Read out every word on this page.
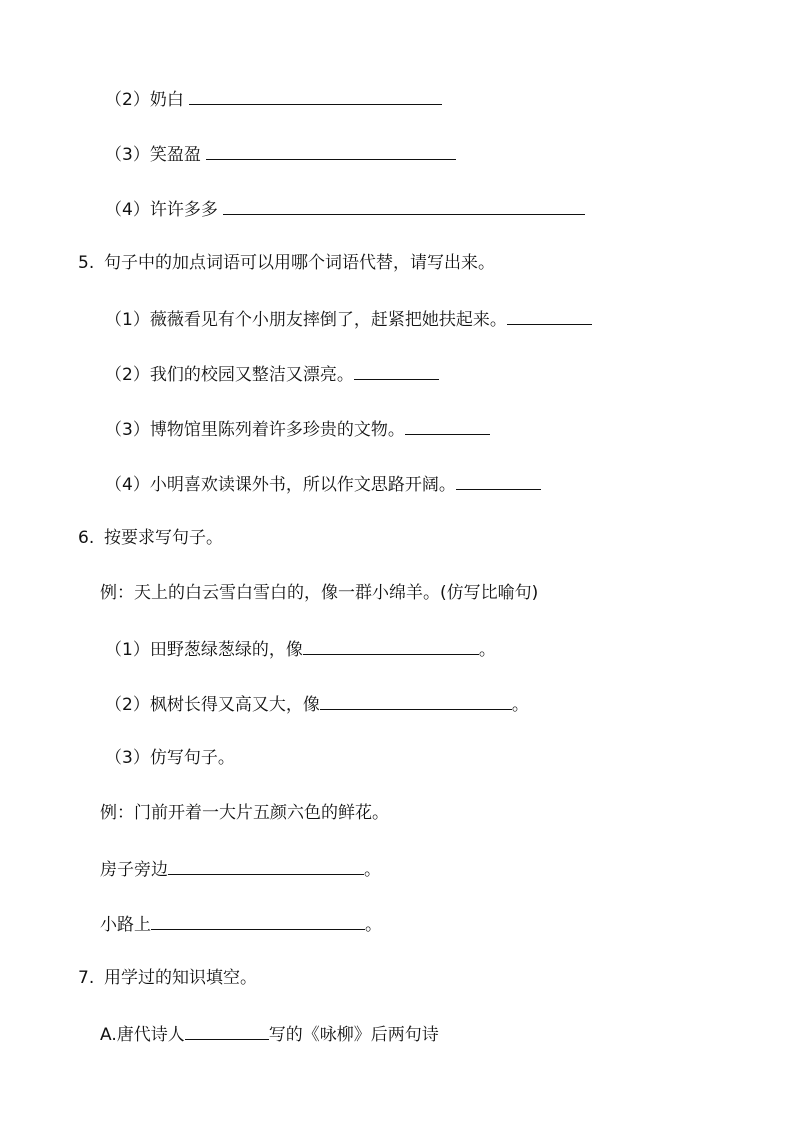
（2）奶白
（3）笑盈盈
（4）许许多多
5. 句子中的加点词语可以用哪个词语代替，请写出来。
（1）薇薇看见有个小朋友摔倒了，赶紧把她扶起来。
（2）我们的校园又整洁又漂亮。
（3）博物馆里陈列着许多珍贵的文物。
（4）小明喜欢读课外书，所以作文思路开阔。
6. 按要求写句子。
例：天上的白云雪白雪白的，像一群小绵羊。(仿写比喻句)
（1）田野葱绿葱绿的，像	。
（2）枫树长得又高又大，像	。
（3）仿写句子。
例：门前开着一大片五颜六色的鲜花。
房子旁边	。
小路上	。
7. 用学过的知识填空。
A.唐代诗人	写的《咏柳》后两句诗
